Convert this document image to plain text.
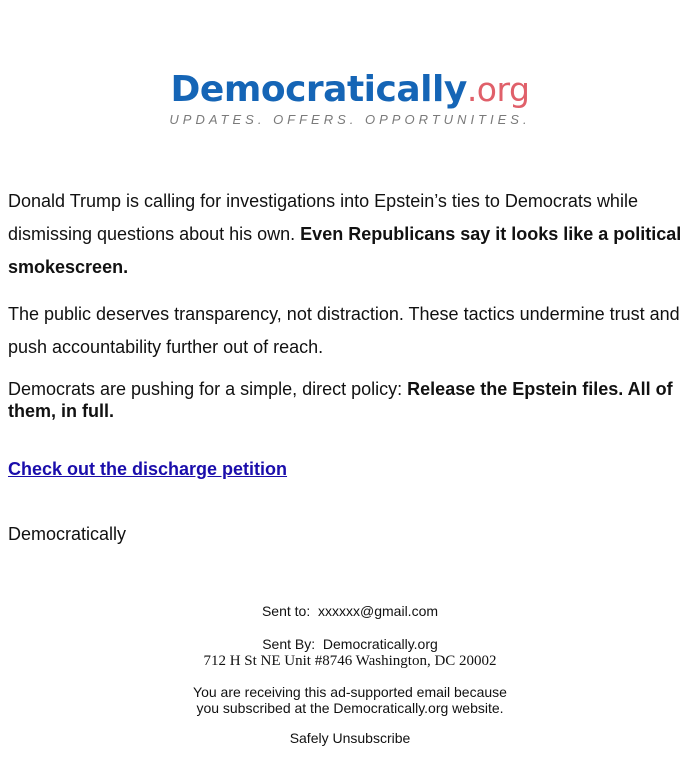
Democratically.org
UPDATES. OFFERS. OPPORTUNITIES.

Donald Trump is calling for investigations into Epstein’s ties to Democrats while dismissing questions about his own. Even Republicans say it looks like a political smokescreen.

The public deserves transparency, not distraction. These tactics undermine trust and push accountability further out of reach.

Democrats are pushing for a simple, direct policy: Release the Epstein files. All of them, in full.

Check out the discharge petition
Democratically
Sent to: xxxxxx@gmail.com
Sent By: Democratically.org
712 H St NE Unit #8746 Washington, DC 20002
You are receiving this ad-supported email because
you subscribed at the Democratically.org website.
Safely Unsubscribe
